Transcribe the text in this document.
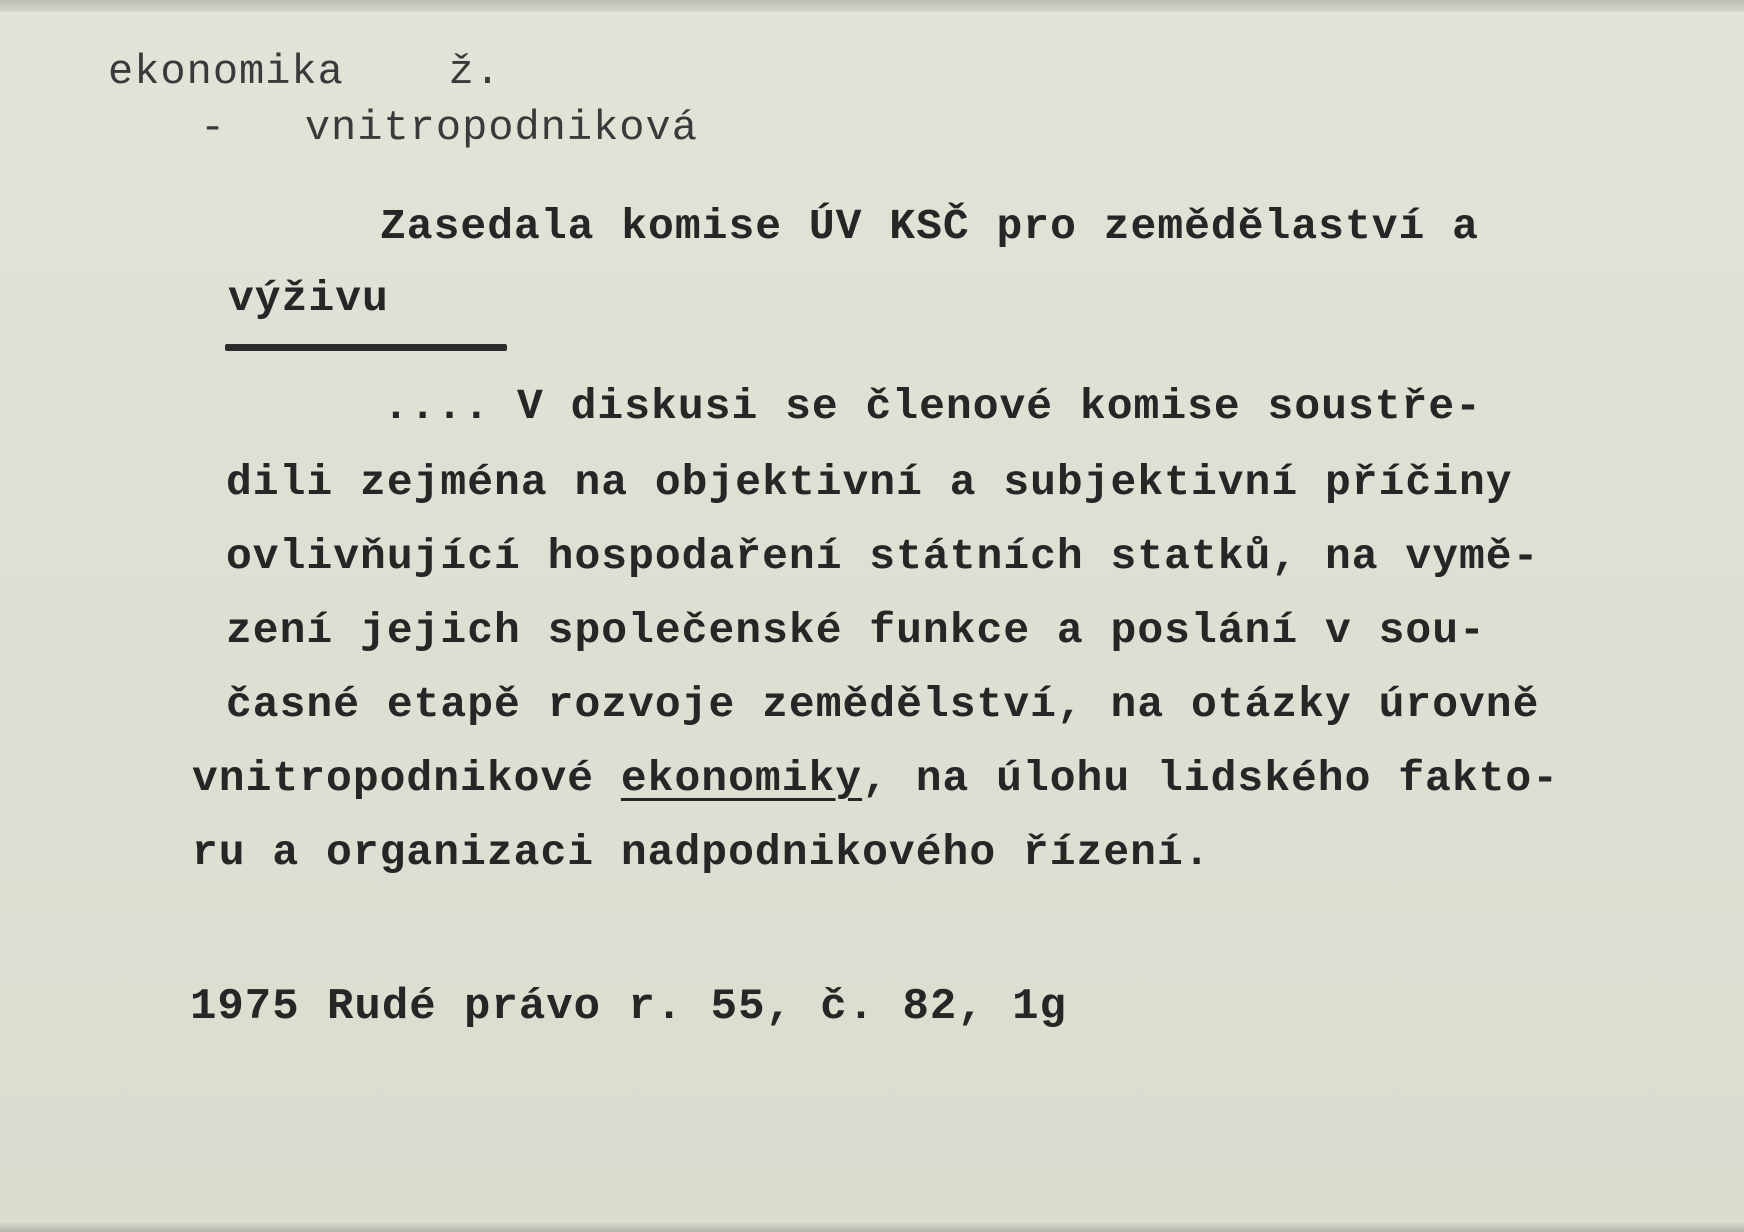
ekonomika ž.
- vnitropodniková
Zasedala komise ÚV KSČ pro zemědělaství a
výživu
.... V diskusi se členové komise soustře-
dili zejména na objektivní a subjektivní příčiny
ovlivňující hospodaření státních statků, na vymě-
zení jejich společenské funkce a poslání v sou-
časné etapě rozvoje zemědělství, na otázky úrovně
vnitropodnikové ekonomiky, na úlohu lidského fakto-
ru a organizaci nadpodnikového řízení.
1975 Rudé právo r. 55, č. 82, 1g
